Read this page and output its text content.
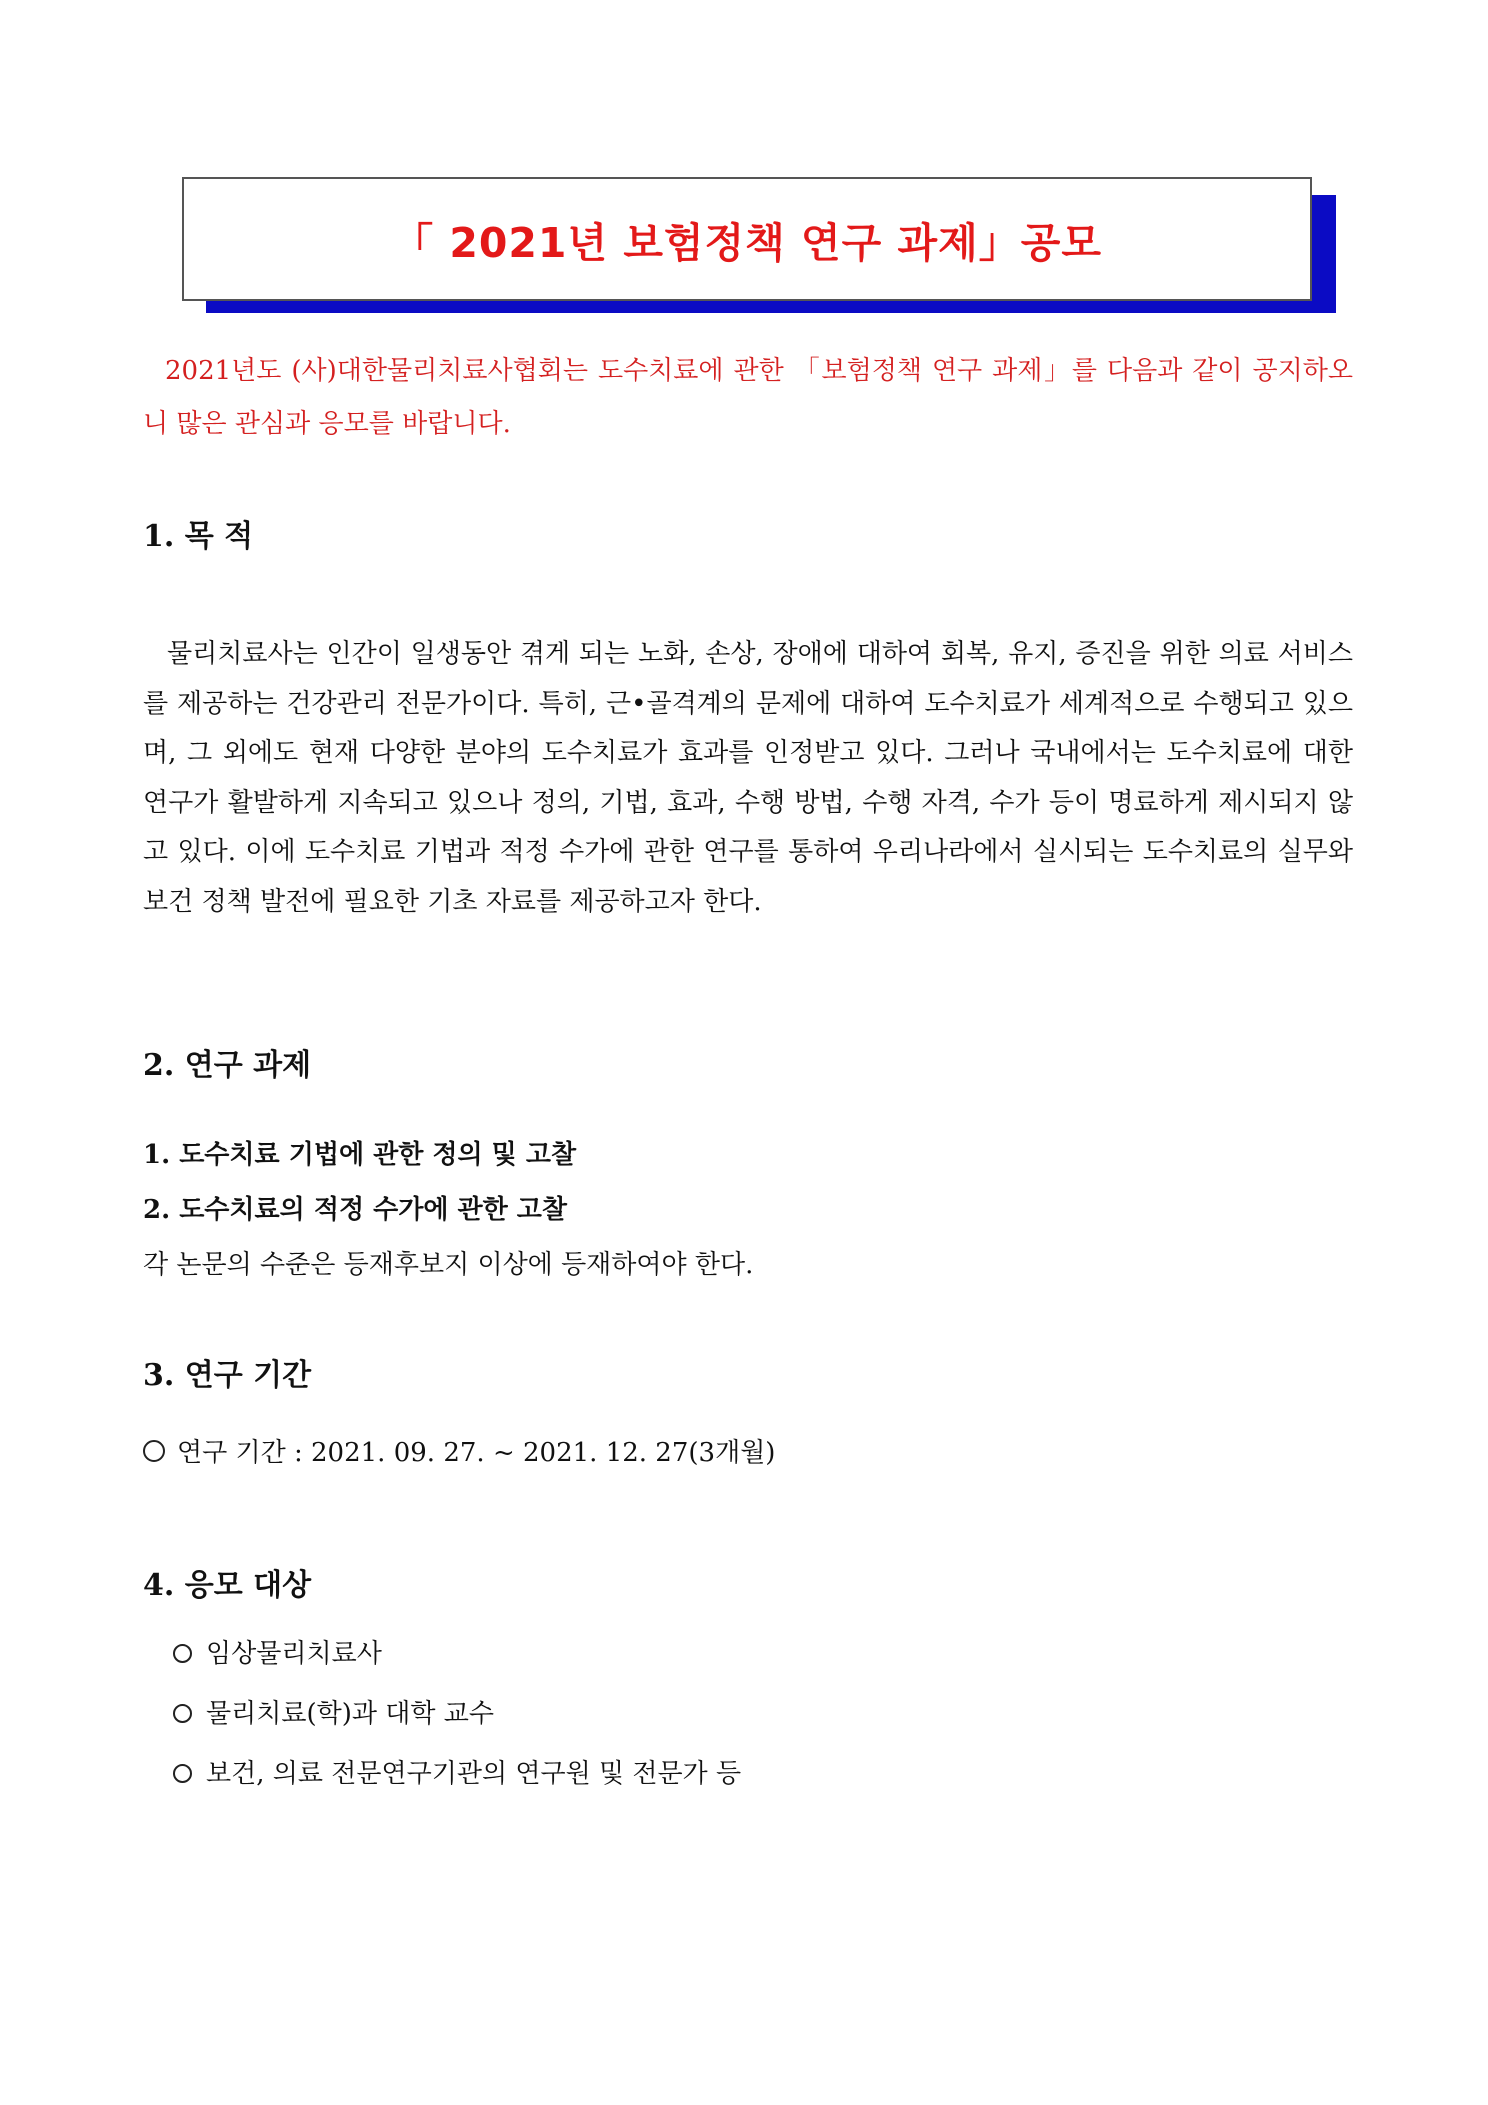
「 2021년 보험정책 연구 과제」공모
2021년도 (사)대한물리치료사협회는 도수치료에 관한 「보험정책 연구 과제」를 다음과 같이 공지하오니 많은 관심과 응모를 바랍니다.
1. 목 적
물리치료사는 인간이 일생동안 겪게 되는 노화, 손상, 장애에 대하여 회복, 유지, 증진을 위한 의료 서비스를 제공하는 건강관리 전문가이다. 특히, 근•골격계의 문제에 대하여 도수치료가 세계적으로 수행되고 있으며, 그 외에도 현재 다양한 분야의 도수치료가 효과를 인정받고 있다. 그러나 국내에서는 도수치료에 대한 연구가 활발하게 지속되고 있으나 정의, 기법, 효과, 수행 방법, 수행 자격, 수가 등이 명료하게 제시되지 않고 있다. 이에 도수치료 기법과 적정 수가에 관한 연구를 통하여 우리나라에서 실시되는 도수치료의 실무와 보건 정책 발전에 필요한 기초 자료를 제공하고자 한다.
2. 연구 과제
1. 도수치료 기법에 관한 정의 및 고찰
2. 도수치료의 적정 수가에 관한 고찰
각 논문의 수준은 등재후보지 이상에 등재하여야 한다.
3. 연구 기간
연구 기간 : 2021. 09. 27. ~ 2021. 12. 27(3개월)
4. 응모 대상
임상물리치료사
물리치료(학)과 대학 교수
보건, 의료 전문연구기관의 연구원 및 전문가 등
